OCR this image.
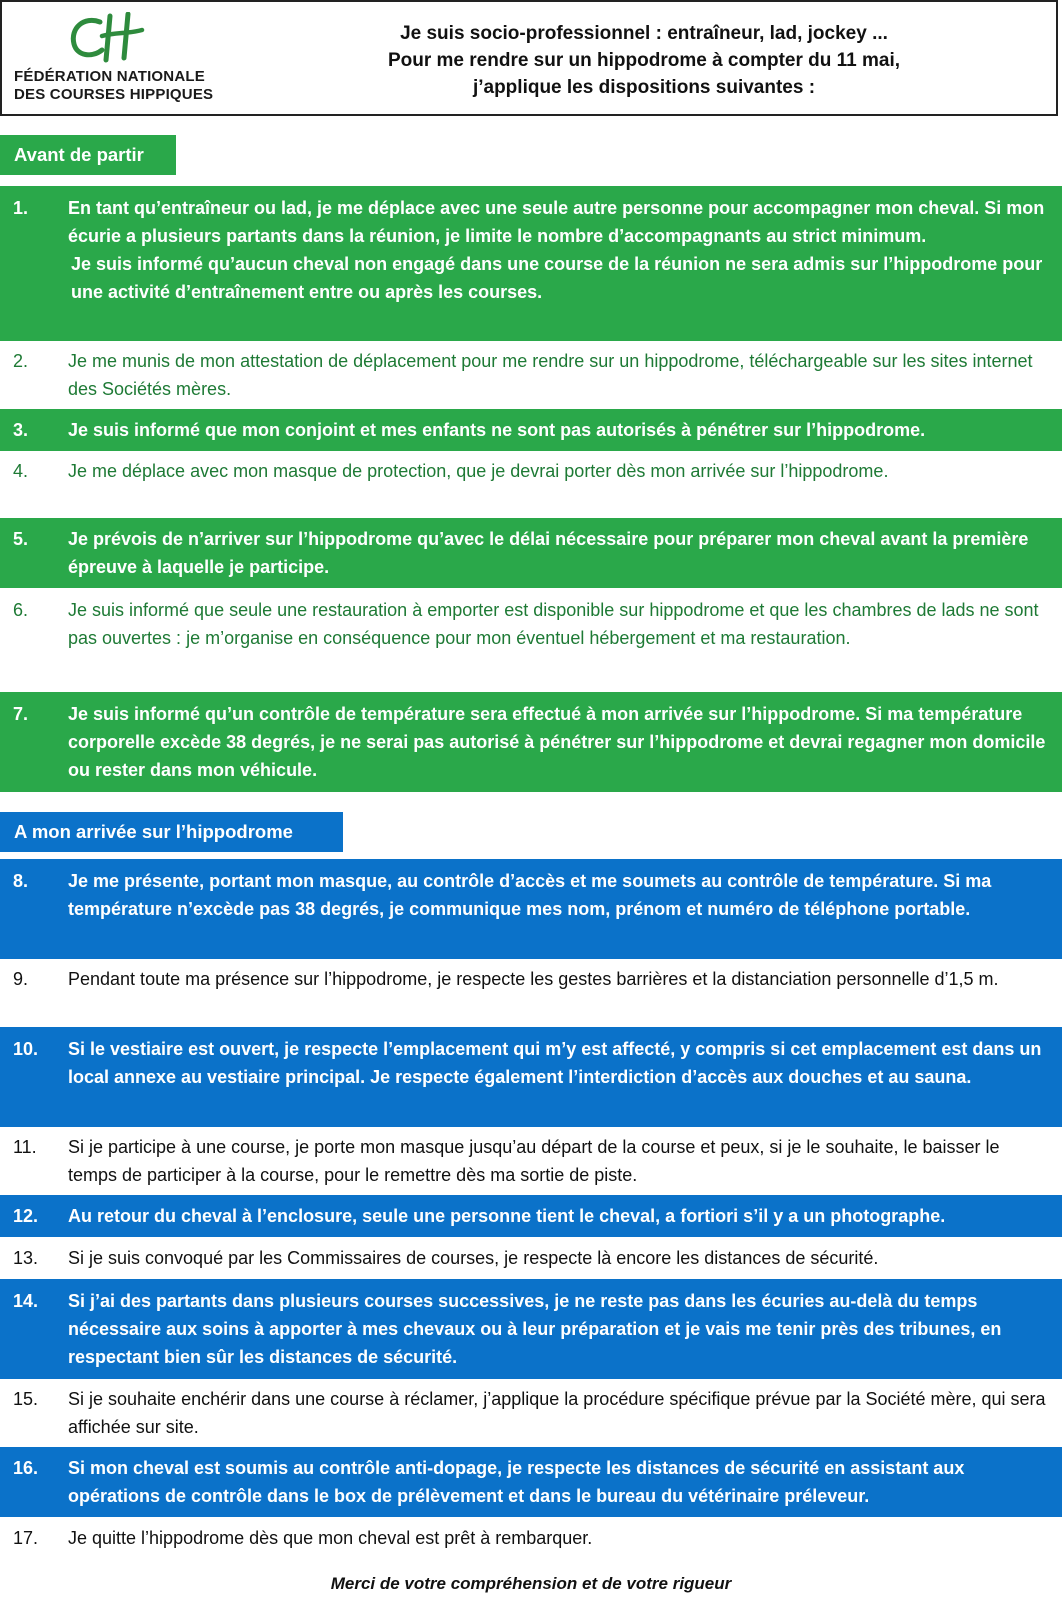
FÉDÉRATION NATIONALE
DES COURSES HIPPIQUES
Je suis socio-professionnel : entraîneur, lad, jockey ...
Pour me rendre sur un hippodrome à compter du 11 mai,
j’applique les dispositions suivantes :
Avant de partir
1. En tant qu’entraîneur ou lad, je me déplace avec une seule autre personne pour accompagner mon cheval. Si mon écurie a plusieurs partants dans la réunion, je limite le nombre d’accompagnants au strict minimum.

Je suis informé qu’aucun cheval non engagé dans une course de la réunion ne sera admis sur l’hippodrome pour une activité d’entraînement entre ou après les courses.
2. Je me munis de mon attestation de déplacement pour me rendre sur un hippodrome, téléchargeable sur les sites internet des Sociétés mères.
3. Je suis informé que mon conjoint et mes enfants ne sont pas autorisés à pénétrer sur l’hippodrome.
4. Je me déplace avec mon masque de protection, que je devrai porter dès mon arrivée sur l’hippodrome.
5. Je prévois de n’arriver sur l’hippodrome qu’avec le délai nécessaire pour préparer mon cheval avant la première épreuve à laquelle je participe.
6. Je suis informé que seule une restauration à emporter est disponible sur hippodrome et que les chambres de lads ne sont pas ouvertes : je m’organise en conséquence pour mon éventuel hébergement et ma restauration.
7. Je suis informé qu’un contrôle de température sera effectué à mon arrivée sur l’hippodrome. Si ma température corporelle excède 38 degrés, je ne serai pas autorisé à pénétrer sur l’hippodrome et devrai regagner mon domicile ou rester dans mon véhicule.
A mon arrivée sur l’hippodrome
8. Je me présente, portant mon masque, au contrôle d’accès et me soumets au contrôle de température. Si ma température n’excède pas 38 degrés, je communique mes nom, prénom et numéro de téléphone portable.
9. Pendant toute ma présence sur l’hippodrome, je respecte les gestes barrières et la distanciation personnelle d’1,5 m.
10. Si le vestiaire est ouvert, je respecte l’emplacement qui m’y est affecté, y compris si cet emplacement est dans un local annexe au vestiaire principal. Je respecte également l’interdiction d’accès aux douches et au sauna.
11. Si je participe à une course, je porte mon masque jusqu’au départ de la course et peux, si je le souhaite, le baisser le temps de participer à la course, pour le remettre dès ma sortie de piste.
12. Au retour du cheval à l’enclosure, seule une personne tient le cheval, a fortiori s’il y a un photographe.
13. Si je suis convoqué par les Commissaires de courses, je respecte là encore les distances de sécurité.
14. Si j’ai des partants dans plusieurs courses successives, je ne reste pas dans les écuries au-delà du temps nécessaire aux soins à apporter à mes chevaux ou à leur préparation et je vais me tenir près des tribunes, en respectant bien sûr les distances de sécurité.
15. Si je souhaite enchérir dans une course à réclamer, j’applique la procédure spécifique prévue par la Société mère, qui sera affichée sur site.
16. Si mon cheval est soumis au contrôle anti-dopage, je respecte les distances de sécurité en assistant aux opérations de contrôle dans le box de prélèvement et dans le bureau du vétérinaire préleveur.
17. Je quitte l’hippodrome dès que mon cheval est prêt à rembarquer.
Merci de votre compréhension et de votre rigueur
